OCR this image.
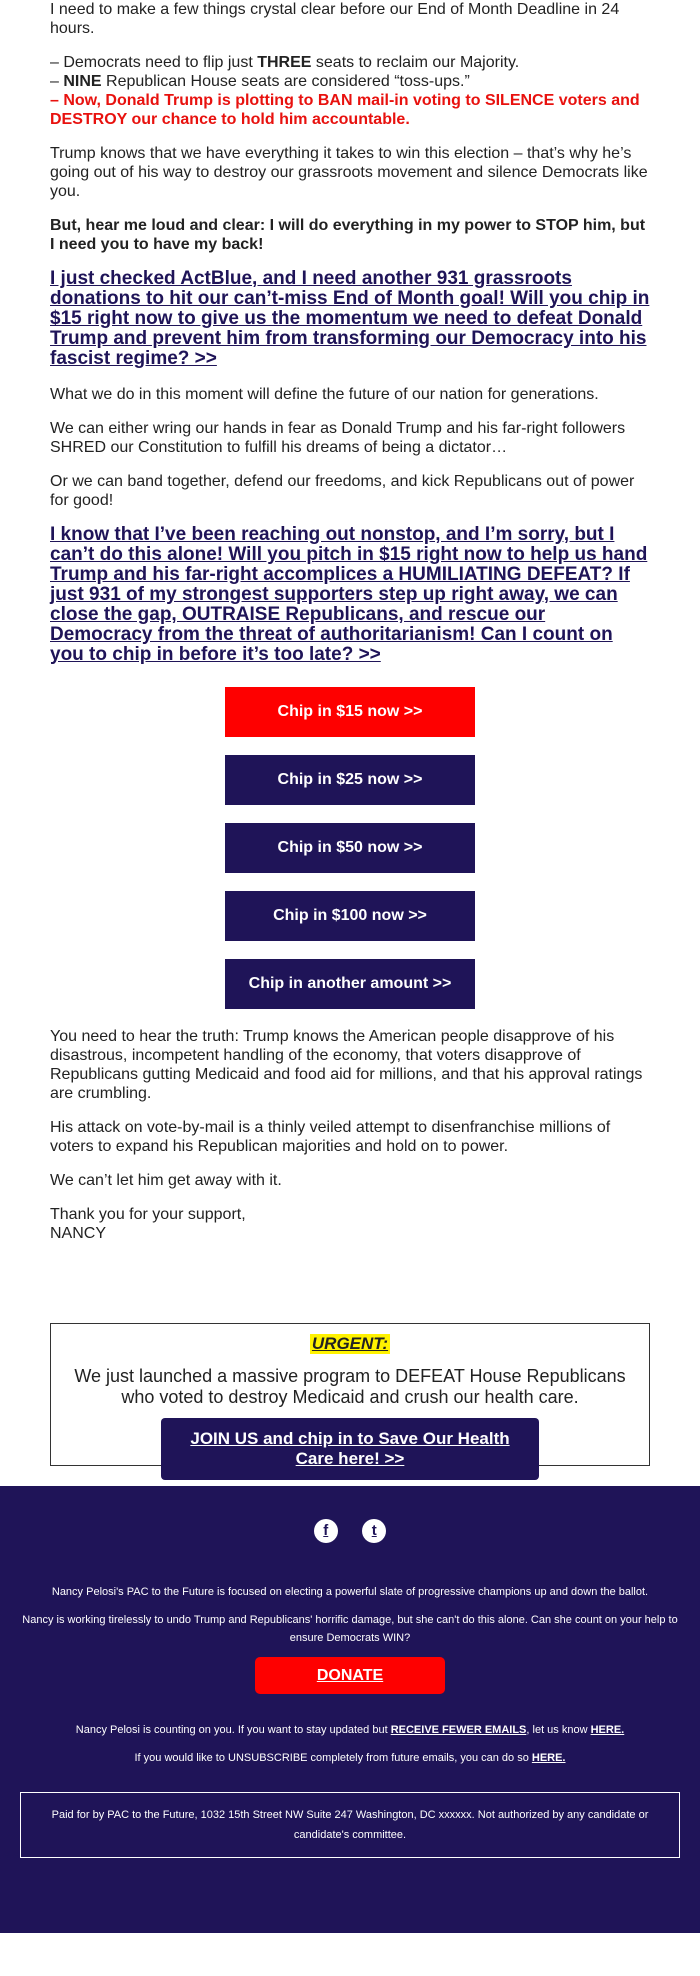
I need to make a few things crystal clear before our End of Month Deadline in 24 hours.

– Democrats need to flip just THREE seats to reclaim our Majority.

– NINE Republican House seats are considered “toss-ups.”

– Now, Donald Trump is plotting to BAN mail-in voting to SILENCE voters and DESTROY our chance to hold him accountable.

Trump knows that we have everything it takes to win this election – that’s why he’s going out of his way to destroy our grassroots movement and silence Democrats like you.

But, hear me loud and clear: I will do everything in my power to STOP him, but I need you to have my back!

I just checked ActBlue, and I need another 931 grassroots donations to hit our can’t-miss End of Month goal! Will you chip in $15 right now to give us the momentum we need to defeat Donald Trump and prevent him from transforming our Democracy into his fascist regime? >>

What we do in this moment will define the future of our nation for generations.

We can either wring our hands in fear as Donald Trump and his far-right followers SHRED our Constitution to fulfill his dreams of being a dictator…

Or we can band together, defend our freedoms, and kick Republicans out of power for good!

I know that I’ve been reaching out nonstop, and I’m sorry, but I can’t do this alone! Will you pitch in $15 right now to help us hand Trump and his far-right accomplices a HUMILIATING DEFEAT? If just 931 of my strongest supporters step up right away, we can close the gap, OUTRAISE Republicans, and rescue our Democracy from the threat of authoritarianism! Can I count on you to chip in before it’s too late? >>
Chip in $15 now >>
Chip in $25 now >>
Chip in $50 now >>
Chip in $100 now >>
Chip in another amount >>

You need to hear the truth: Trump knows the American people disapprove of his disastrous, incompetent handling of the economy, that voters disapprove of Republicans gutting Medicaid and food aid for millions, and that his approval ratings are crumbling.

His attack on vote-by-mail is a thinly veiled attempt to disenfranchise millions of voters to expand his Republican majorities and hold on to power.

We can’t let him get away with it.

Thank you for your support,

NANCY

URGENT:

We just launched a massive program to DEFEAT House Republicans who voted to destroy Medicaid and crush our health care.

JOIN US and chip in to Save Our Health Care here! >>
f	t

Nancy Pelosi's PAC to the Future is focused on electing a powerful slate of progressive champions up and down the ballot.

Nancy is working tirelessly to undo Trump and Republicans' horrific damage, but she can't do this alone. Can she count on your help to ensure Democrats WIN?

DONATE

Nancy Pelosi is counting on you. If you want to stay updated but RECEIVE FEWER EMAILS, let us know HERE.

If you would like to UNSUBSCRIBE completely from future emails, you can do so HERE.

Paid for by PAC to the Future, 1032 15th Street NW Suite 247 Washington, DC xxxxxx. Not authorized by any candidate or candidate's committee.
